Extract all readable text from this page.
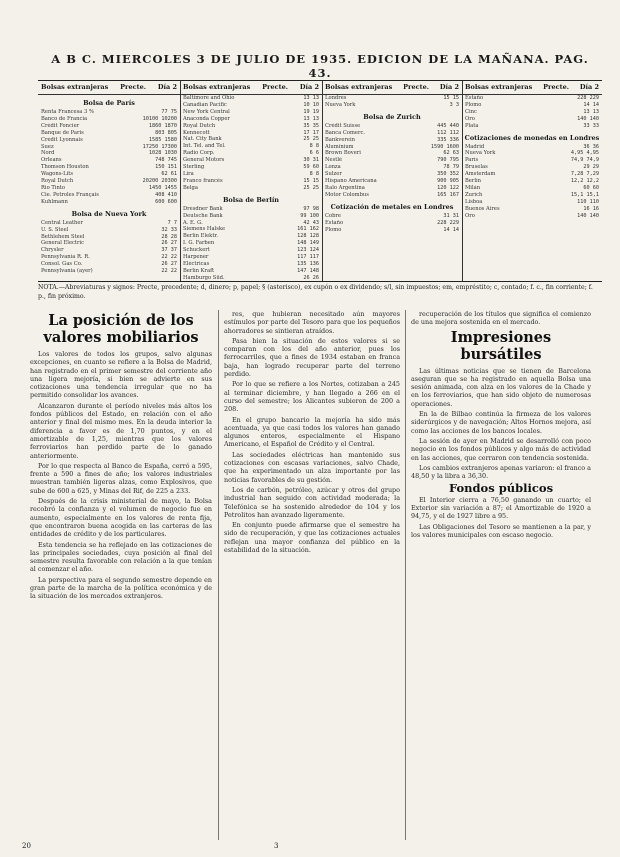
A B C. MIERCOLES 3 DE JULIO DE 1935. EDICION DE LA MAÑANA. PAG. 43.
Bolsas extranjeras Precte. Día 2
Bolsa de París
Renta Francesa 3 %	77 75
Banco de Francia	10100 10200
Crédit Foncier	1860 1870
Banque de Paris	803 805
Crédit Lyonnais	1585 1580
Suez	17250 17300
Nord	1028 1030
Orleans	748 745
Thomson Houston	150 151
Wagons-Lits	62 61
Royal Dutch	20200 20300
Rio Tinto	1450 1455
Cie. Petroles Français	408 410
Kuhlmann	600 600
Bolsa de Nueva York
Central Leather	7 7
U. S. Steel	32 33
Bethlehem Steel	28 28
General Electric	26 27
Chrysler	37 37
Pennsylvania R. R.	22 22
Consol. Gas Co.	26 27
Pennsylvania (ayer)	22 22
Bolsas extranjeras Precte. Día 2
Baltimore and Ohio	13 13
Canadian Pacific	10 10
New York Central	19 19
Anaconda Copper	13 13
Royal Dutch	35 35
Kennecott	17 17
Nat. City Bank	25 25
Int. Tel. and Tel.	8 8
Radio Corp.	6 6
General Motors	30 31
Sterling	59 60
Lira	8 8
Franco francés	15 15
Belga	25 25
Bolsa de Berlín
Dresdner Bank	97 98
Deutsche Bank	99 100
A. E. G.	42 43
Siemens Halske	161 162
Berlín Elektr.	128 128
I. G. Farben	148 149
Schuckert	123 124
Harpener	117 117
Eléctricas	135 136
Berlín Kraft	147 148
Hamburgo Süd.	26 26
Bolsas extranjeras Precte. Día 2
Londres	15 15
Nueva York	3 3
Bolsa de Zurich
Crédit Suisse	445 440
Banca Comerc.	112 112
Bankverein	335 336
Aluminium	1590 1600
Brown Boveri	62 63
Nestlé	790 795
Lonza	78 79
Sulzer	350 352
Hispano Americana	900 905
Italo Argentina	120 122
Motor Colombus	165 167
Cotización de metales en Londres
Cobre	31 31
Estaño	228 229
Plomo	14 14
Bolsas extranjeras Precte. Día 2
Estaño	228 229
Plomo	14 14
Cinc	13 13
Oro	140 140
Plata	33 33
Cotizaciones de monedas en Londres
Madrid	36 36
Nueva York	4,95 4,95
París	74,9 74,9
Bruselas	29 29
Amsterdam	7,28 7,29
Berlín	12,2 12,2
Milán	60 60
Zurich	15,1 15,1
Lisboa	110 110
Buenos Aires	16 16
Oro	140 140
NOTA.—Abreviaturas y signos: Precte, precedente; d, dinero; p, papel; § (asterisco), ex cupón o ex dividendo; s/l, sin impuestos; em, empréstito; c, contado; f. c., fin corriente; f. p., fin próximo.
La posición de los valores mobiliarios

Los valores de todos los grupos, salvo algunas excepciones, en cuanto se refiere a la Bolsa de Madrid, han registrado en el primer semestre del corriente año una ligera mejoría, si bien se advierte en sus cotizaciones una tendencia irregular que no ha permitido consolidar los avances.

Alcanzaron durante el período niveles más altos los fondos públicos del Estado, en relación con el año anterior y final del mismo mes. En la deuda interior la diferencia a favor es de 1,70 puntos, y en el amortizable de 1,25, mientras que los valores ferroviarios han perdido parte de lo ganado anteriormente.

Por lo que respecta al Banco de España, cerró a 595, frente a 590 a fines de año; los valores industriales muestran también ligeras alzas, como Explosivos, que sube de 600 a 625, y Minas del Rif, de 225 a 233.

Después de la crisis ministerial de mayo, la Bolsa recobró la confianza y el volumen de negocio fue en aumento, especialmente en los valores de renta fija, que encontraron buena acogida en las carteras de las entidades de crédito y de los particulares.

Esta tendencia se ha reflejado en las cotizaciones de las principales sociedades, cuya posición al final del semestre resulta favorable con relación a la que tenían al comenzar el año.

La perspectiva para el segundo semestre depende en gran parte de la marcha de la política económica y de la situación de los mercados extranjeros.

res, que hubieran necesitado aún mayores estímulos por parte del Tesoro para que los pequeños ahorradores se sintieran atraídos.

Pasa bien la situación de estos valores si se comparan con los del año anterior, pues los ferrocarriles, que a fines de 1934 estaban en franca baja, han logrado recuperar parte del terreno perdido.

Por lo que se refiere a los Nortes, cotizaban a 245 al terminar diciembre, y han llegado a 266 en el curso del semestre; los Alicantes subieron de 200 a 208.

En el grupo bancario la mejoría ha sido más acentuada, ya que casi todos los valores han ganado algunos enteros, especialmente el Hispano Americano, el Español de Crédito y el Central.

Las sociedades eléctricas han mantenido sus cotizaciones con escasas variaciones, salvo Chade, que ha experimentado un alza importante por las noticias favorables de su gestión.

Los de carbón, petróleo, azúcar y otros del grupo industrial han seguido con actividad moderada; la Telefónica se ha sostenido alrededor de 104 y los Petrolitos han avanzado ligeramente.

En conjunto puede afirmarse que el semestre ha sido de recuperación, y que las cotizaciones actuales reflejan una mayor confianza del público en la estabilidad de la situación.

recuperación de los títulos que significa el comienzo de una mejora sostenida en el mercado.

Impresiones bursátiles

Las últimas noticias que se tienen de Barcelona aseguran que se ha registrado en aquella Bolsa una sesión animada, con alza en los valores de la Chade y en los ferroviarios, que han sido objeto de numerosas operaciones.

En la de Bilbao continúa la firmeza de los valores siderúrgicos y de navegación; Altos Hornos mejora, así como las acciones de los bancos locales.

La sesión de ayer en Madrid se desarrolló con poco negocio en los fondos públicos y algo más de actividad en las acciones, que cerraron con tendencia sostenida.

Los cambios extranjeros apenas variaron: el franco a 48,50 y la libra a 36,30.

Fondos públicos

El Interior cierra a 76,50 ganando un cuarto; el Exterior sin variación a 87; el Amortizable de 1920 a 94,75, y el de 1927 libre a 95.

Las Obligaciones del Tesoro se mantienen a la par, y los valores municipales con escaso negocio.

20	3
